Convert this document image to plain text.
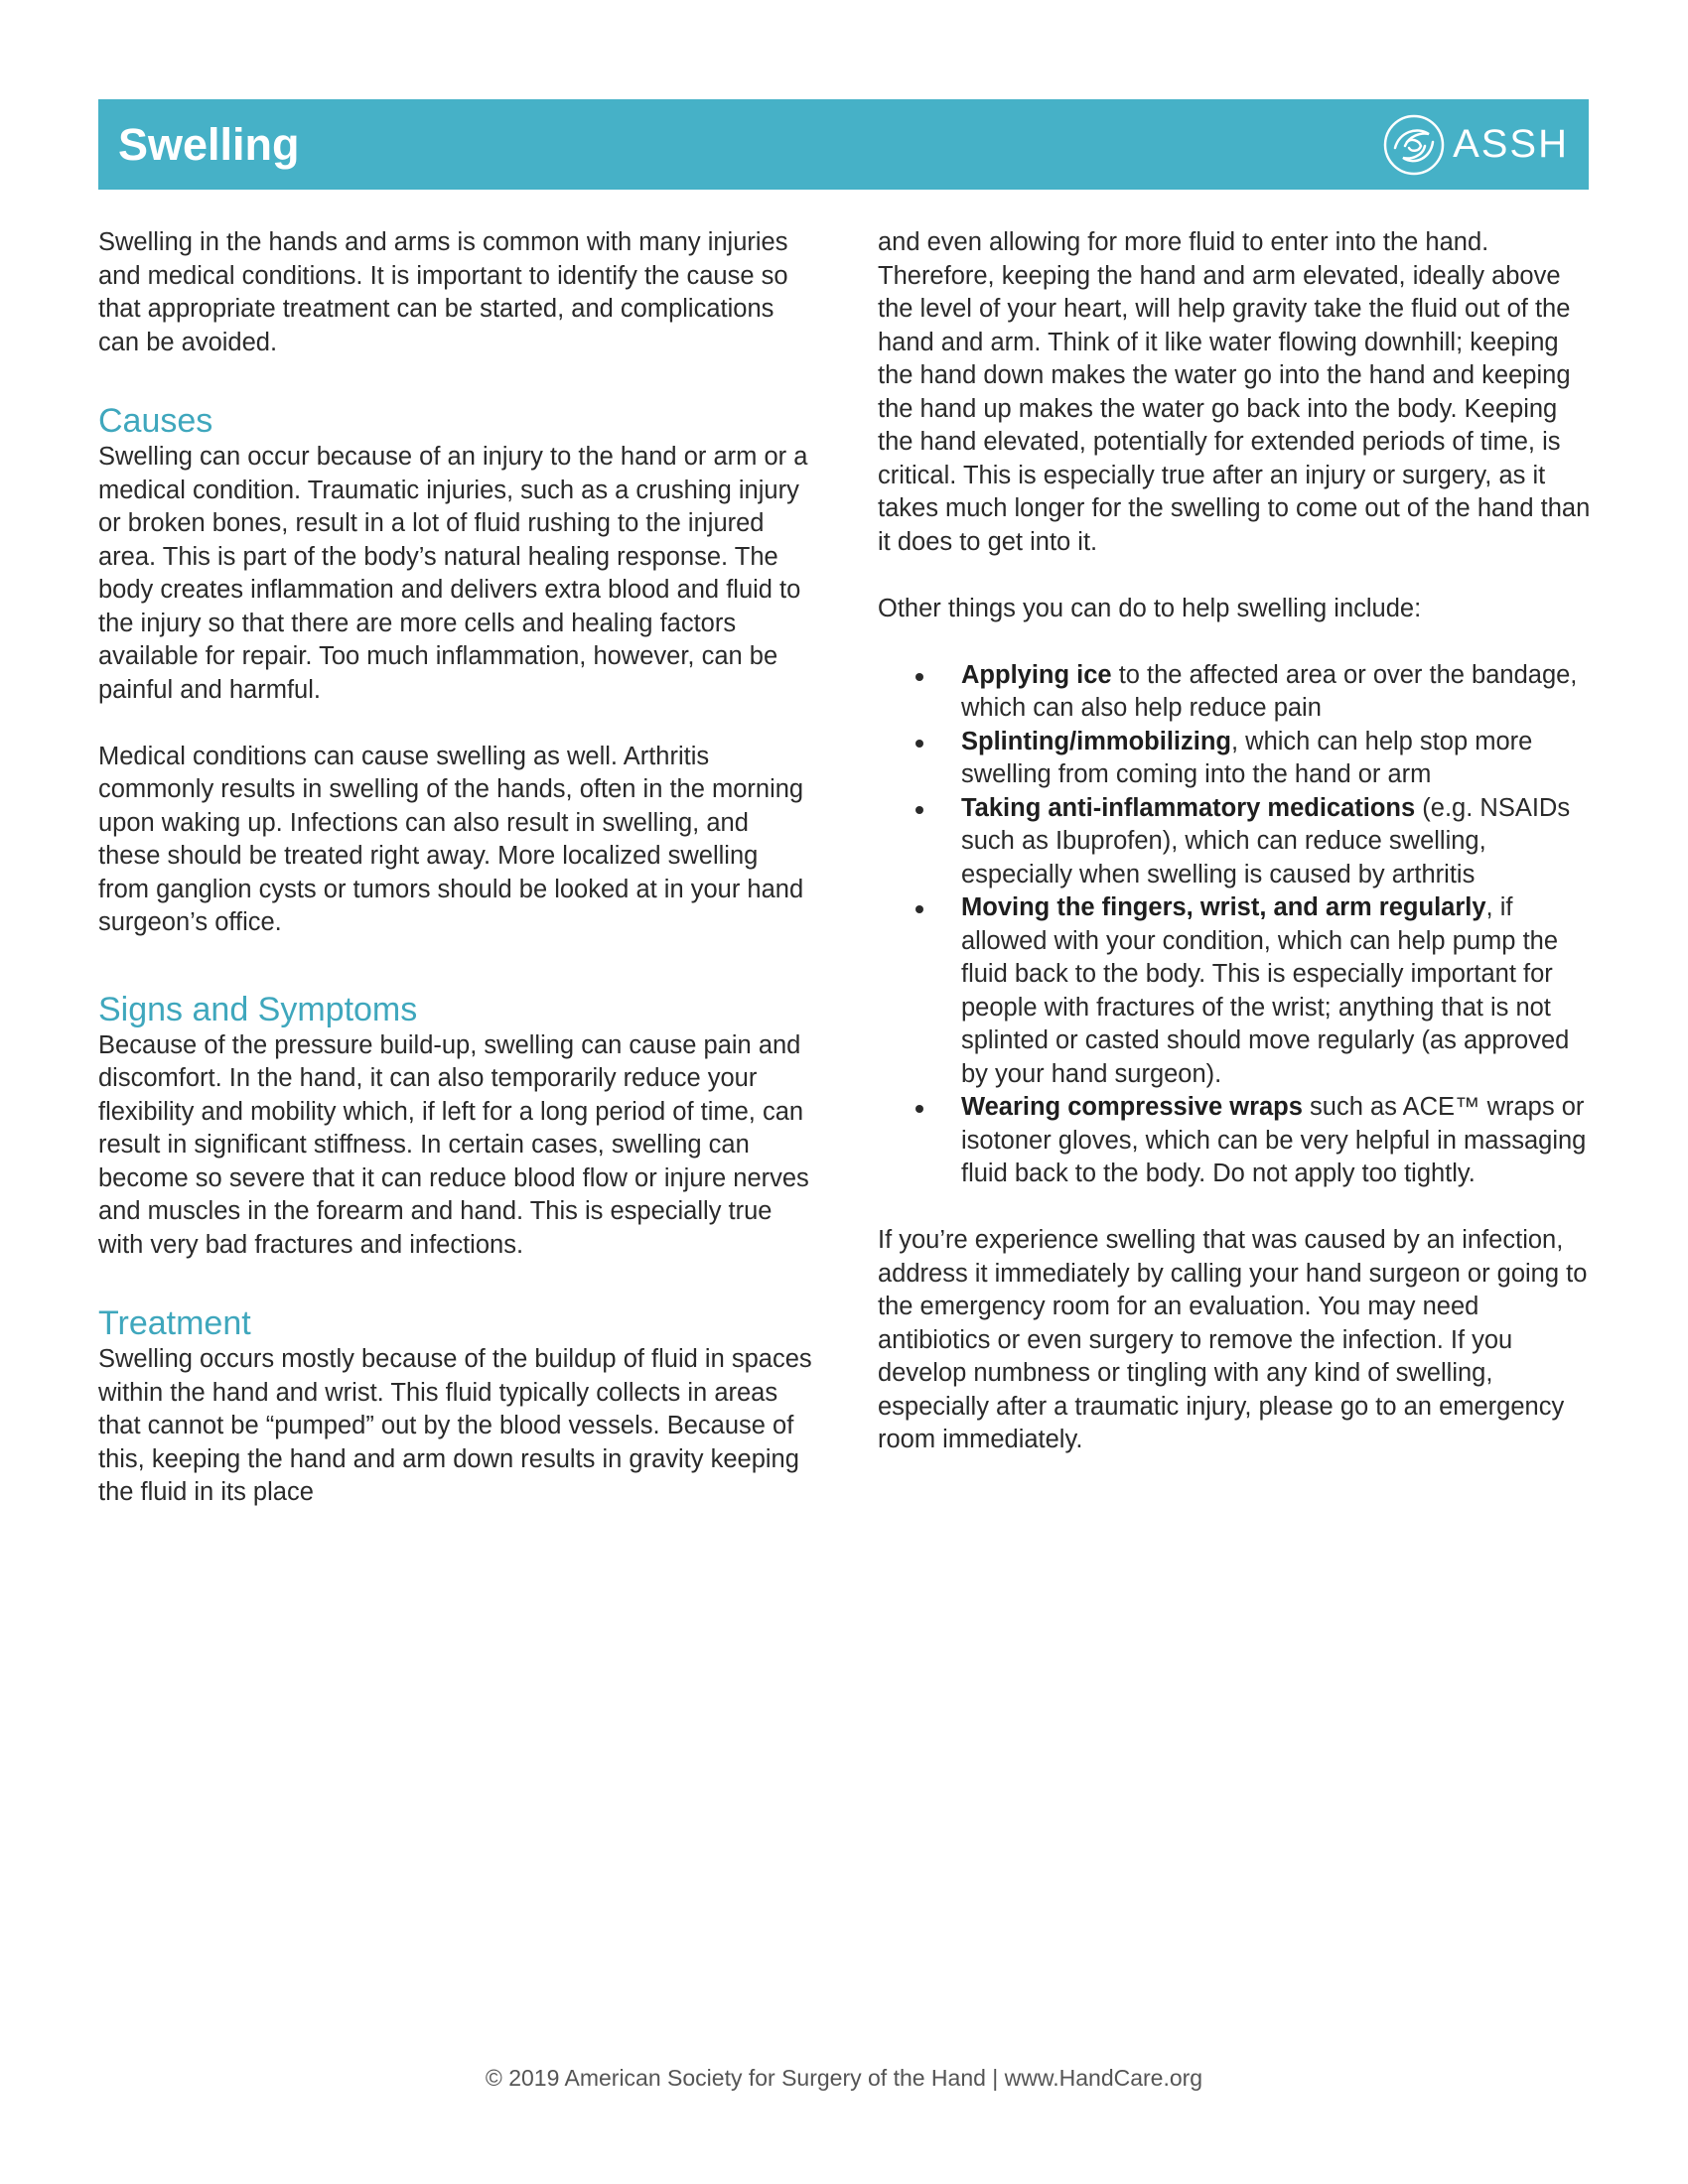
Swelling	ASSH

Swelling in the hands and arms is common with many injuries and medical conditions. It is important to identify the cause so that appropriate treatment can be started, and complications can be avoided.

Causes

Swelling can occur because of an injury to the hand or arm or a medical condition. Traumatic injuries, such as a crushing injury or broken bones, result in a lot of fluid rushing to the injured area. This is part of the body’s natural healing response. The body creates inflammation and delivers extra blood and fluid to the injury so that there are more cells and healing factors available for repair. Too much inflammation, however, can be painful and harmful.

Medical conditions can cause swelling as well. Arthritis commonly results in swelling of the hands, often in the morning upon waking up. Infections can also result in swelling, and these should be treated right away. More localized swelling from ganglion cysts or tumors should be looked at in your hand surgeon’s office.

Signs and Symptoms

Because of the pressure build-up, swelling can cause pain and discomfort. In the hand, it can also temporarily reduce your flexibility and mobility which, if left for a long period of time, can result in significant stiffness. In certain cases, swelling can become so severe that it can reduce blood flow or injure nerves and muscles in the forearm and hand. This is especially true with very bad fractures and infections.

Treatment

Swelling occurs mostly because of the buildup of fluid in spaces within the hand and wrist. This fluid typically collects in areas that cannot be “pumped” out by the blood vessels. Because of this, keeping the hand and arm down results in gravity keeping the fluid in its place

and even allowing for more fluid to enter into the hand. Therefore, keeping the hand and arm elevated, ideally above the level of your heart, will help gravity take the fluid out of the hand and arm. Think of it like water flowing downhill; keeping the hand down makes the water go into the hand and keeping the hand up makes the water go back into the body. Keeping the hand elevated, potentially for extended periods of time, is critical. This is especially true after an injury or surgery, as it takes much longer for the swelling to come out of the hand than it does to get into it.

Other things you can do to help swelling include:

Applying ice to the affected area or over the bandage, which can also help reduce pain
Splinting/immobilizing, which can help stop more swelling from coming into the hand or arm
Taking anti-inflammatory medications (e.g. NSAIDs such as Ibuprofen), which can reduce swelling, especially when swelling is caused by arthritis
Moving the fingers, wrist, and arm regularly, if allowed with your condition, which can help pump the fluid back to the body. This is especially important for people with fractures of the wrist; anything that is not splinted or casted should move regularly (as approved by your hand surgeon).
Wearing compressive wraps such as ACE™ wraps or isotoner gloves, which can be very helpful in massaging fluid back to the body. Do not apply too tightly.

If you’re experience swelling that was caused by an infection, address it immediately by calling your hand surgeon or going to the emergency room for an evaluation. You may need antibiotics or even surgery to remove the infection. If you develop numbness or tingling with any kind of swelling, especially after a traumatic injury, please go to an emergency room immediately.

© 2019 American Society for Surgery of the Hand | www.HandCare.org
